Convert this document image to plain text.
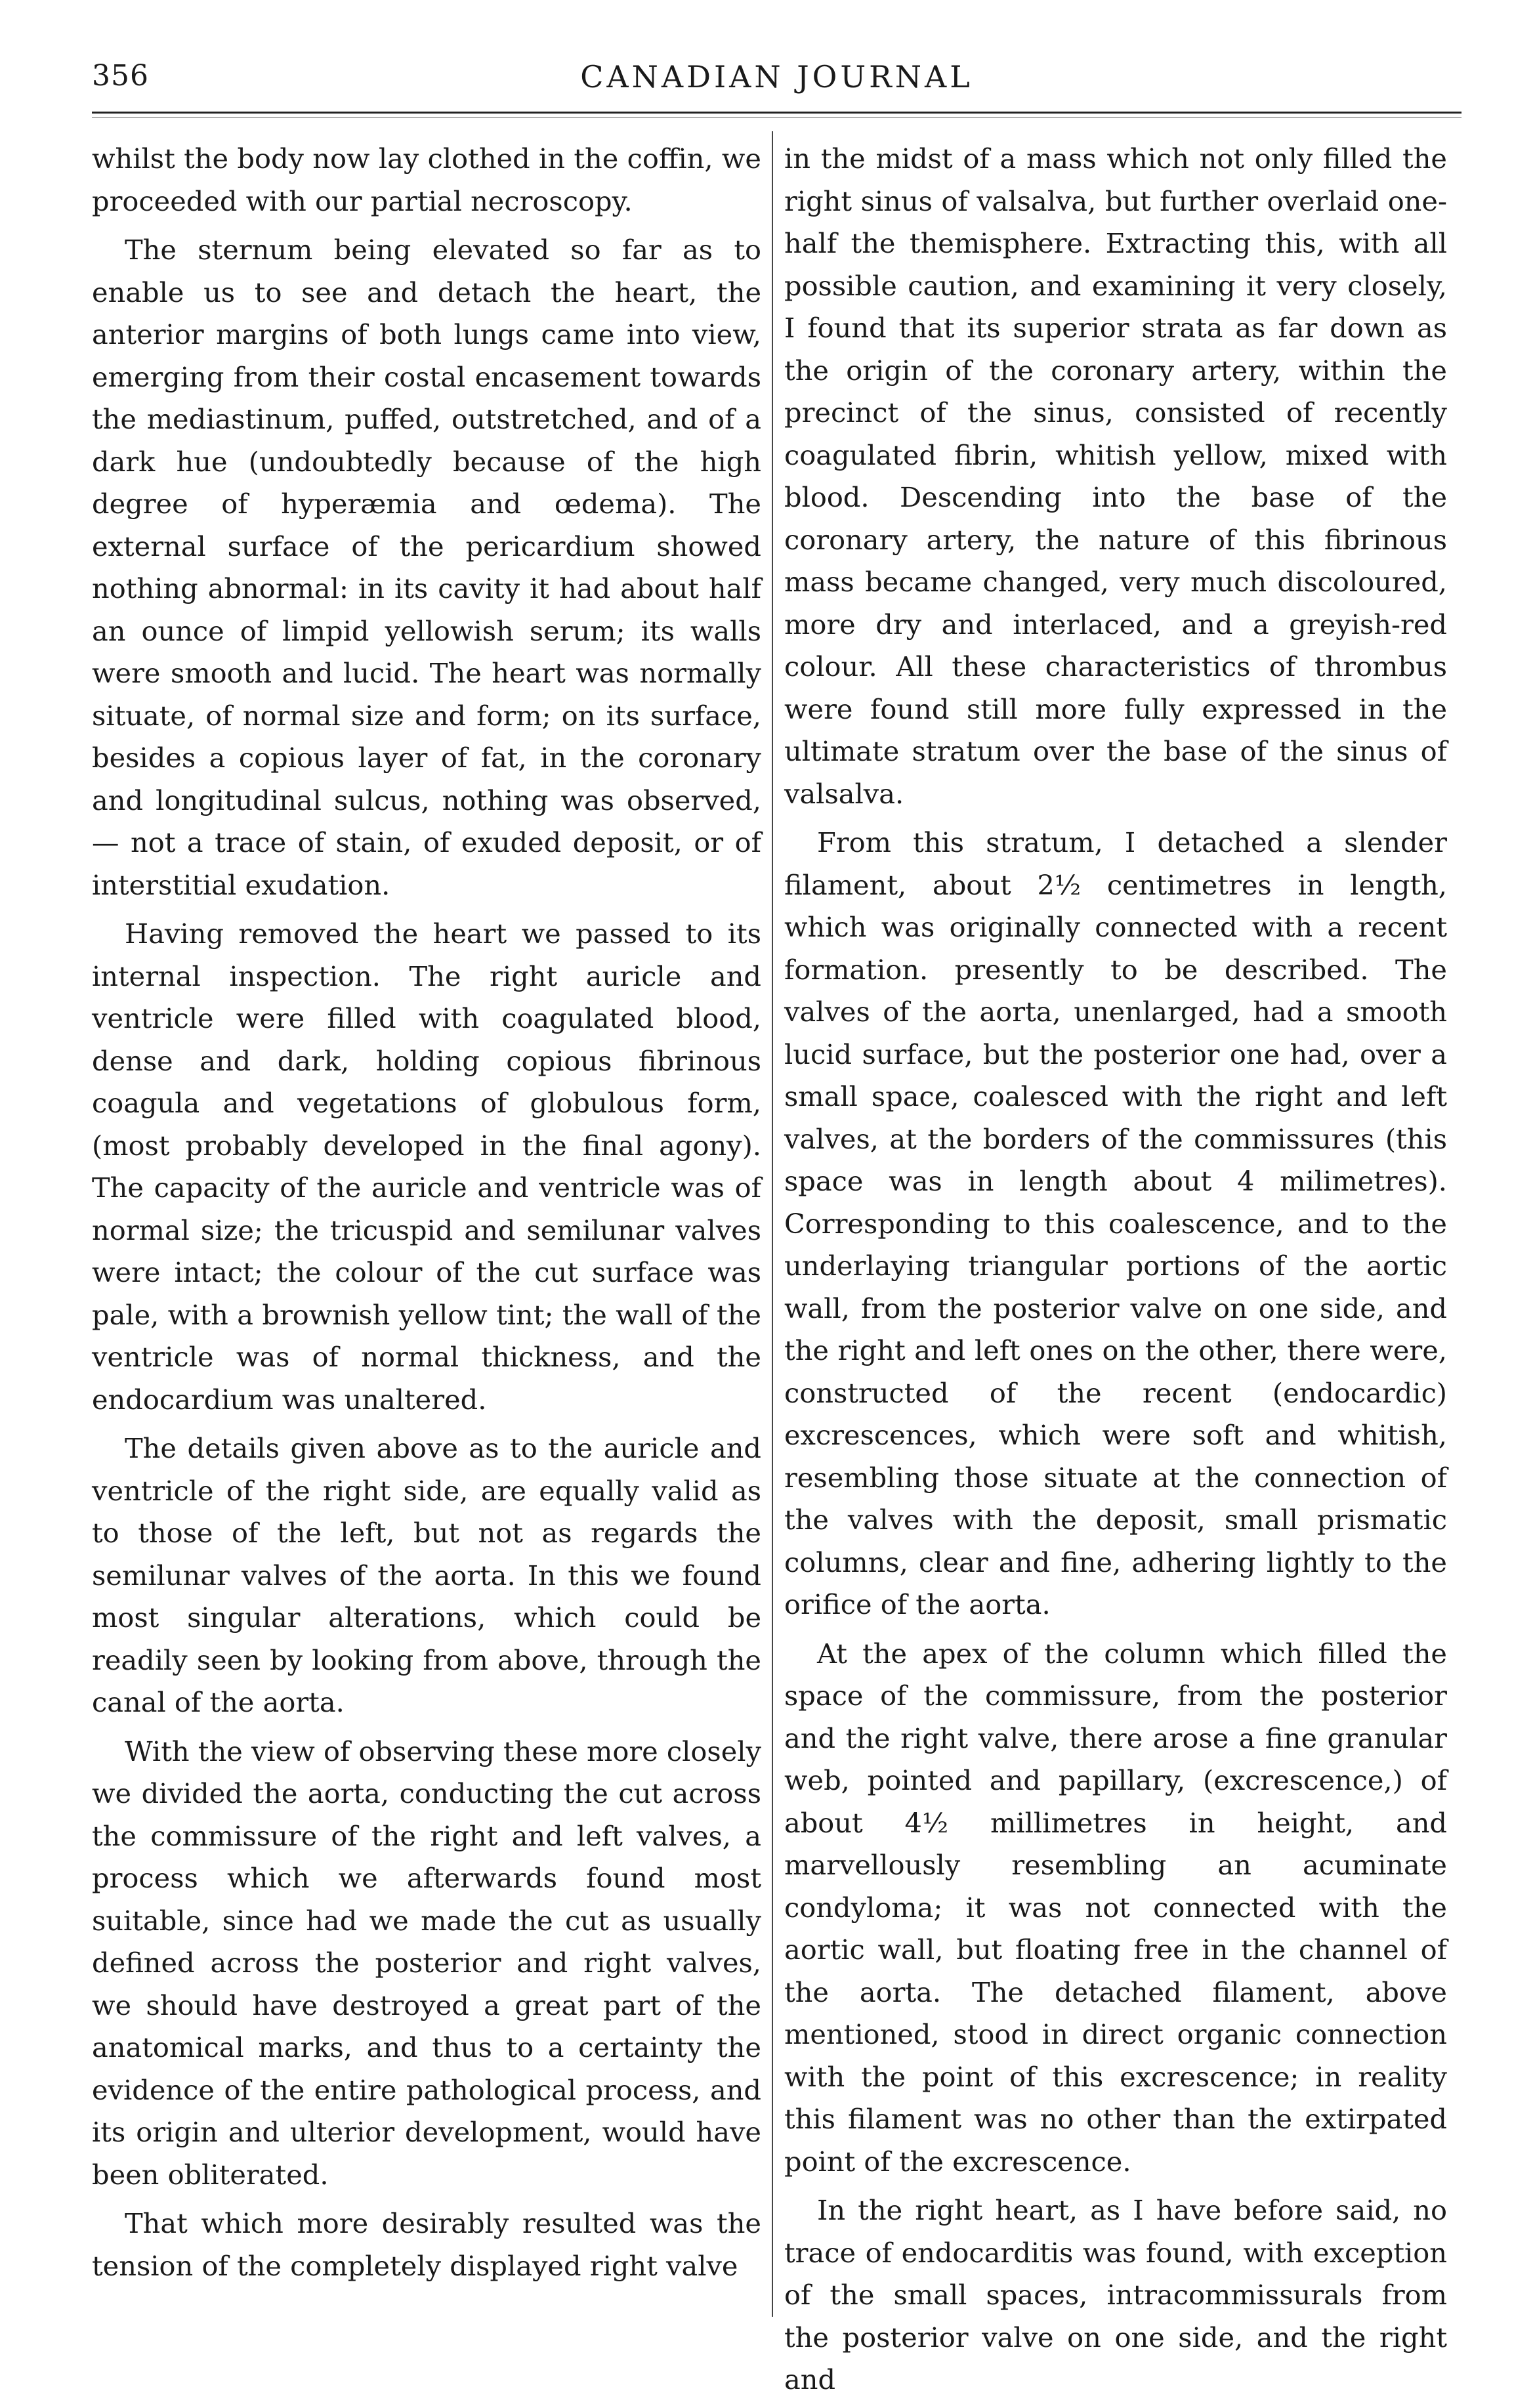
356	CANADIAN JOURNAL

whilst the body now lay clothed in the coffin, we proceeded with our partial necroscopy.

The sternum being elevated so far as to enable us to see and detach the heart, the anterior margins of both lungs came into view, emerging from their costal encasement towards the mediastinum, puffed, outstretched, and of a dark hue (undoubtedly because of the high degree of hyperæmia and œdema). The external surface of the pericardium showed nothing abnormal: in its cavity it had about half an ounce of limpid yellowish serum; its walls were smooth and lucid. The heart was normally situate, of normal size and form; on its surface, besides a copious layer of fat, in the coronary and longitudinal sulcus, nothing was observed,— not a trace of stain, of exuded deposit, or of interstitial exudation.

Having removed the heart we passed to its internal inspection. The right auricle and ventricle were filled with coagulated blood, dense and dark, holding copious fibrinous coagula and vegetations of globulous form, (most probably developed in the final agony). The capacity of the auricle and ventricle was of normal size; the tricuspid and semilunar valves were intact; the colour of the cut surface was pale, with a brownish yellow tint; the wall of the ventricle was of normal thickness, and the endocardium was unaltered.

The details given above as to the auricle and ventricle of the right side, are equally valid as to those of the left, but not as regards the semilunar valves of the aorta. In this we found most singular alterations, which could be readily seen by looking from above, through the canal of the aorta.

With the view of observing these more closely we divided the aorta, conducting the cut across the commissure of the right and left valves, a process which we afterwards found most suitable, since had we made the cut as usually defined across the posterior and right valves, we should have destroyed a great part of the anatomical marks, and thus to a certainty the evidence of the entire pathological process, and its origin and ulterior development, would have been obliterated.

That which more desirably resulted was the tension of the completely displayed right valve

in the midst of a mass which not only filled the right sinus of valsalva, but further overlaid one-half the themisphere. Extracting this, with all possible caution, and examining it very closely, I found that its superior strata as far down as the origin of the coronary artery, within the precinct of the sinus, consisted of recently coagulated fibrin, whitish yellow, mixed with blood. Descending into the base of the coronary artery, the nature of this fibrinous mass became changed, very much discoloured, more dry and interlaced, and a greyish-red colour. All these characteristics of thrombus were found still more fully expressed in the ultimate stratum over the base of the sinus of valsalva.

From this stratum, I detached a slender filament, about 2½ centimetres in length, which was originally connected with a recent formation. presently to be described. The valves of the aorta, unenlarged, had a smooth lucid surface, but the posterior one had, over a small space, coalesced with the right and left valves, at the borders of the commissures (this space was in length about 4 milimetres). Corresponding to this coalescence, and to the underlaying triangular portions of the aortic wall, from the posterior valve on one side, and the right and left ones on the other, there were, constructed of the recent (endocardic) excrescences, which were soft and whitish, resembling those situate at the connection of the valves with the deposit, small prismatic columns, clear and fine, adhering lightly to the orifice of the aorta.

At the apex of the column which filled the space of the commissure, from the posterior and the right valve, there arose a fine granular web, pointed and papillary, (excrescence,) of about 4½ millimetres in height, and marvellously resembling an acuminate condyloma; it was not connected with the aortic wall, but floating free in the channel of the aorta. The detached filament, above mentioned, stood in direct organic connection with the point of this excrescence; in reality this filament was no other than the extirpated point of the excrescence.

In the right heart, as I have before said, no trace of endocarditis was found, with exception of the small spaces, intracommissurals from the posterior valve on one side, and the right and
